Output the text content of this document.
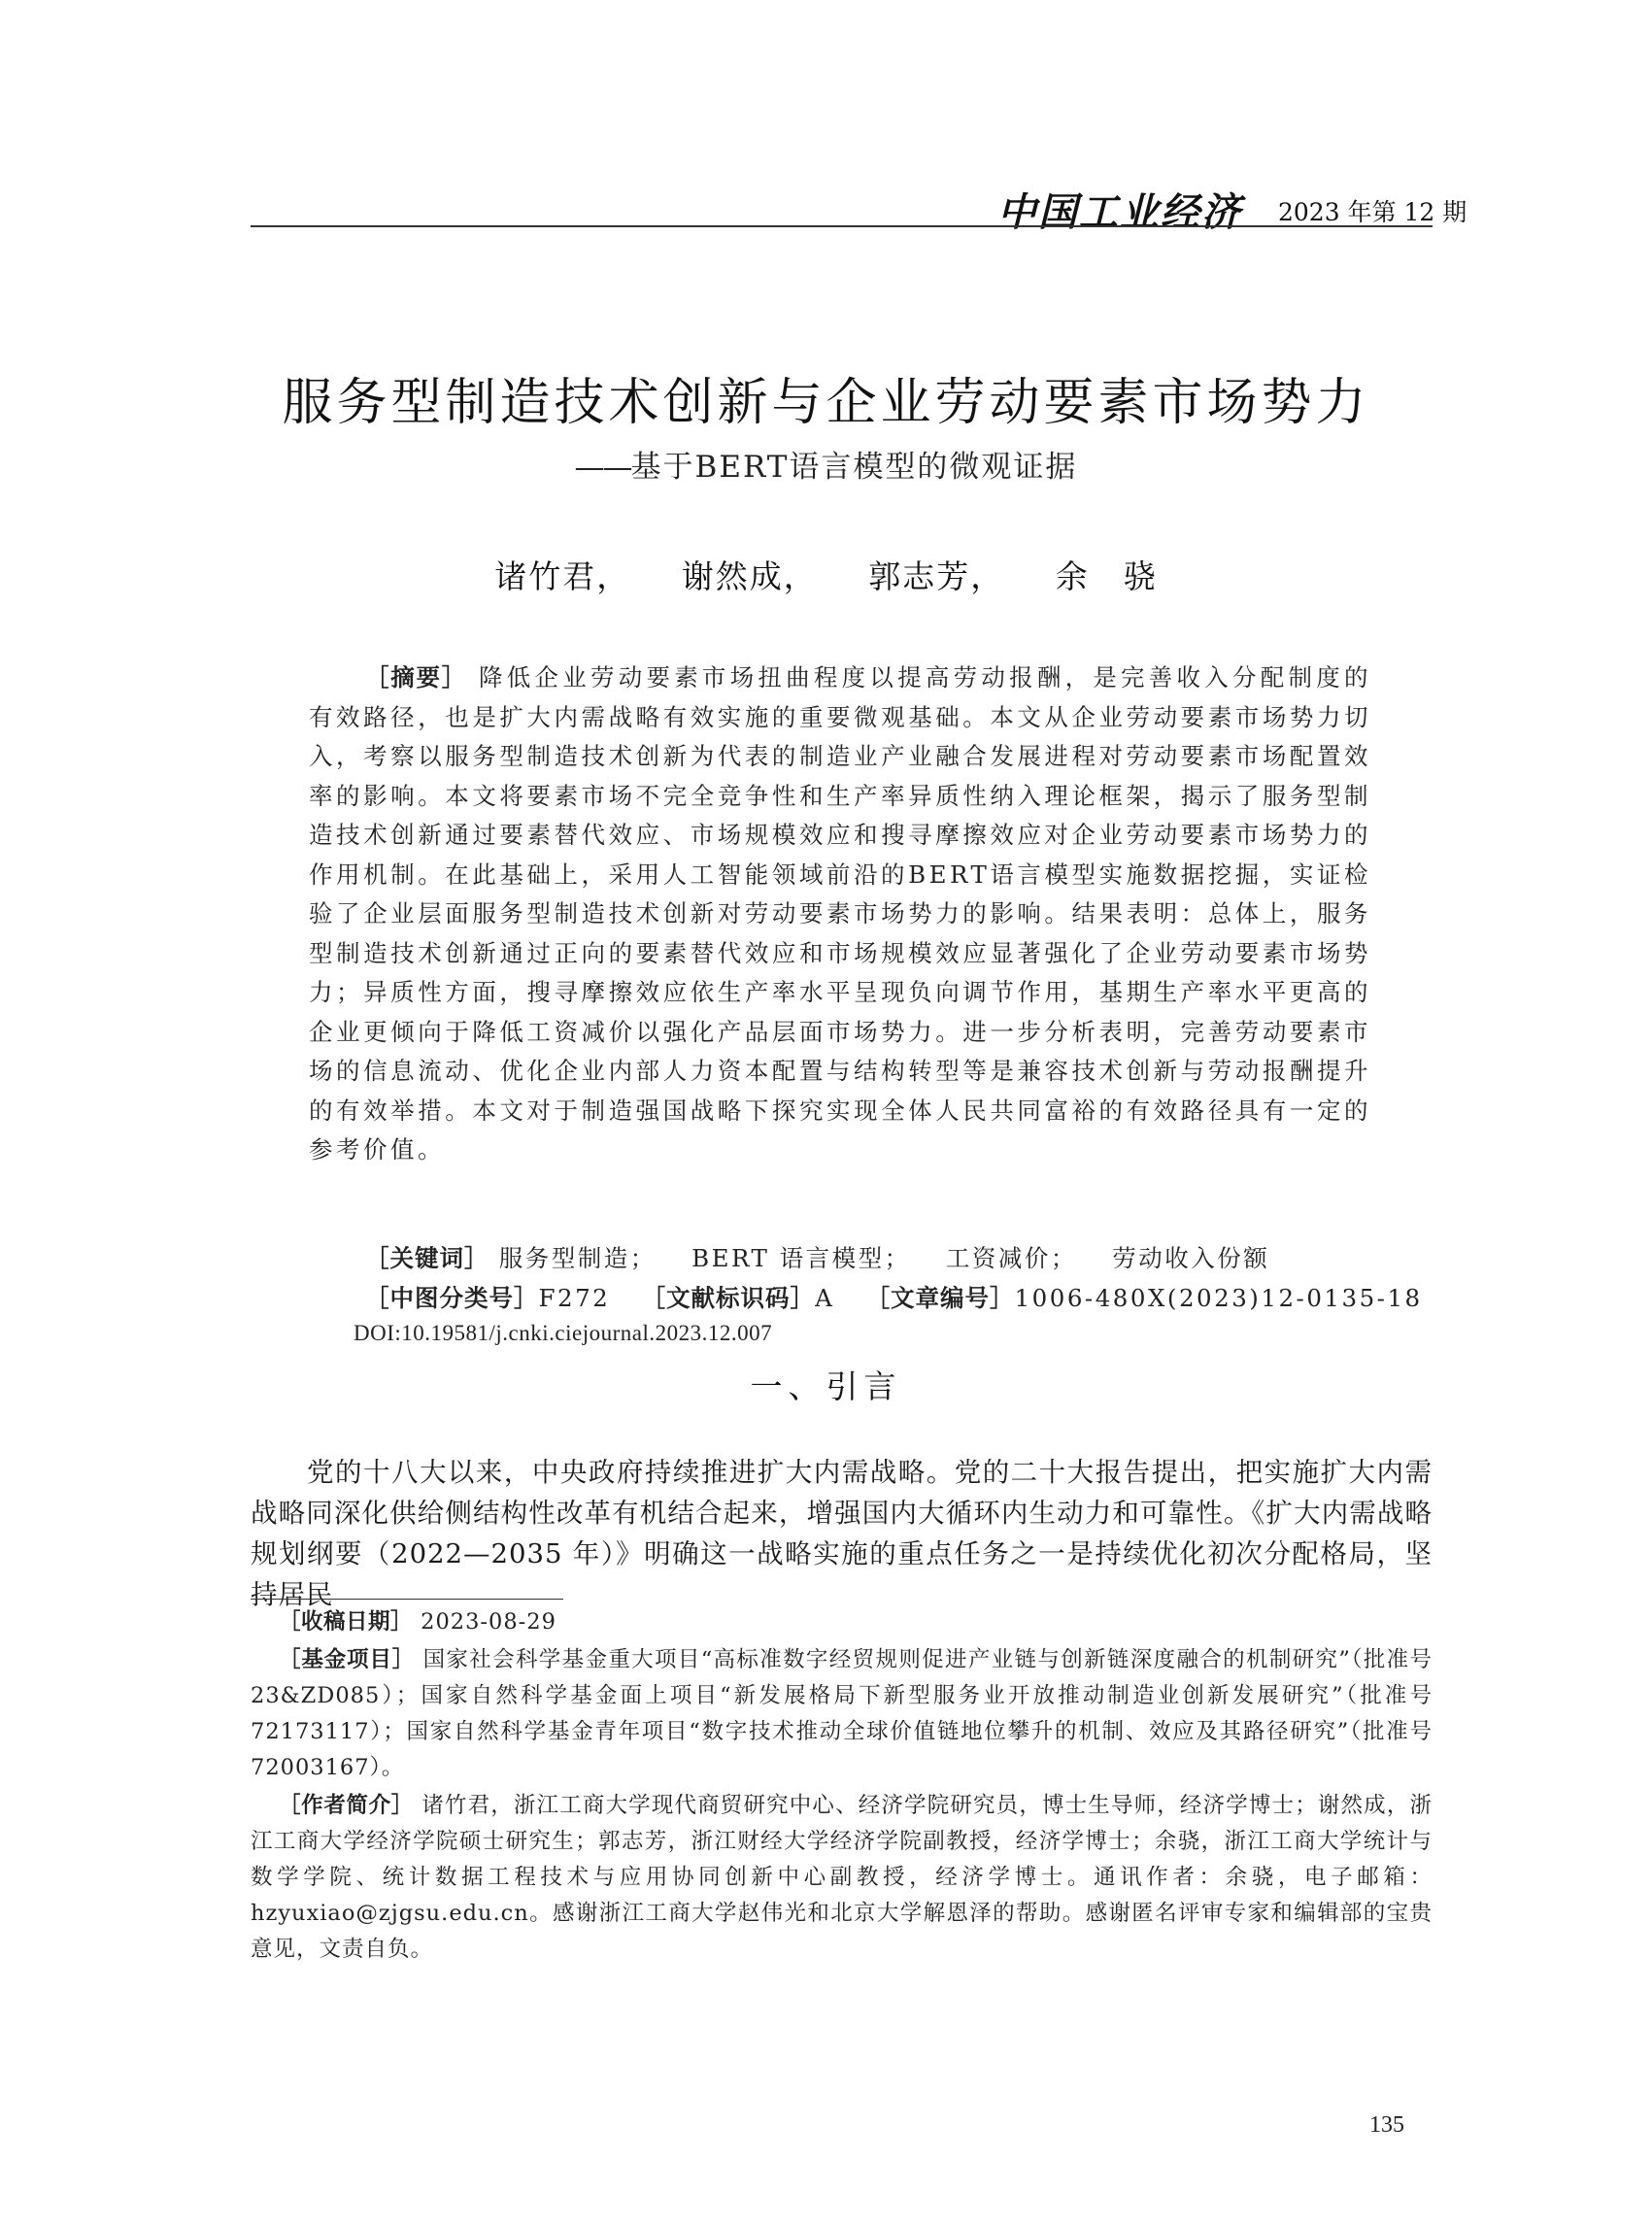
中国工业经济 2023 年第 12 期
服务型制造技术创新与企业劳动要素市场势力
——基于BERT语言模型的微观证据
诸竹君， 谢然成， 郭志芳， 余　骁
［摘要］ 降低企业劳动要素市场扭曲程度以提高劳动报酬，是完善收入分配制度的有效路径，也是扩大内需战略有效实施的重要微观基础。本文从企业劳动要素市场势力切入，考察以服务型制造技术创新为代表的制造业产业融合发展进程对劳动要素市场配置效率的影响。本文将要素市场不完全竞争性和生产率异质性纳入理论框架，揭示了服务型制造技术创新通过要素替代效应、市场规模效应和搜寻摩擦效应对企业劳动要素市场势力的作用机制。在此基础上，采用人工智能领域前沿的BERT语言模型实施数据挖掘，实证检验了企业层面服务型制造技术创新对劳动要素市场势力的影响。结果表明：总体上，服务型制造技术创新通过正向的要素替代效应和市场规模效应显著强化了企业劳动要素市场势力；异质性方面，搜寻摩擦效应依生产率水平呈现负向调节作用，基期生产率水平更高的企业更倾向于降低工资减价以强化产品层面市场势力。进一步分析表明，完善劳动要素市场的信息流动、优化企业内部人力资本配置与结构转型等是兼容技术创新与劳动报酬提升的有效举措。本文对于制造强国战略下探究实现全体人民共同富裕的有效路径具有一定的参考价值。
［关键词］ 服务型制造； BERT 语言模型； 工资减价； 劳动收入份额
［中图分类号］F272 ［文献标识码］A ［文章编号］1006-480X(2023)12-0135-18
DOI:10.19581/j.cnki.ciejournal.2023.12.007
一、引言
党的十八大以来，中央政府持续推进扩大内需战略。党的二十大报告提出，把实施扩大内需战略同深化供给侧结构性改革有机结合起来，增强国内大循环内生动力和可靠性。《扩大内需战略规划纲要（2022—2035 年）》明确这一战略实施的重点任务之一是持续优化初次分配格局，坚持居民

［收稿日期］ 2023-08-29

［基金项目］ 国家社会科学基金重大项目“高标准数字经贸规则促进产业链与创新链深度融合的机制研究”（批准号 23&ZD085）；国家自然科学基金面上项目“新发展格局下新型服务业开放推动制造业创新发展研究”（批准号 72173117）；国家自然科学基金青年项目“数字技术推动全球价值链地位攀升的机制、效应及其路径研究”（批准号 72003167）。

［作者简介］ 诸竹君，浙江工商大学现代商贸研究中心、经济学院研究员，博士生导师，经济学博士；谢然成，浙江工商大学经济学院硕士研究生；郭志芳，浙江财经大学经济学院副教授，经济学博士；余骁，浙江工商大学统计与数学学院、统计数据工程技术与应用协同创新中心副教授，经济学博士。通讯作者：余骁，电子邮箱：hzyuxiao@zjgsu.edu.cn。感谢浙江工商大学赵伟光和北京大学解恩泽的帮助。感谢匿名评审专家和编辑部的宝贵意见，文责自负。

135
